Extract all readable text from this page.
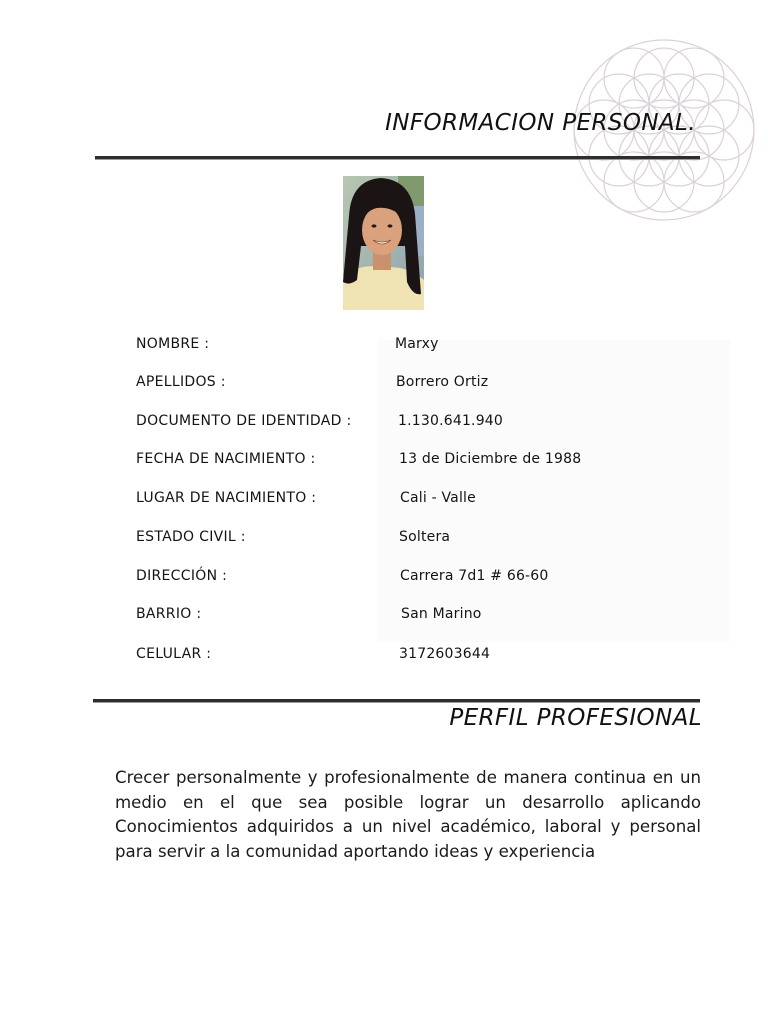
INFORMACION PERSONAL.
NOMBRE :	Marxy
APELLIDOS :	Borrero Ortiz
DOCUMENTO DE IDENTIDAD :	1.130.641.940
FECHA DE NACIMIENTO :	13 de Diciembre de 1988
LUGAR DE NACIMIENTO :	Cali - Valle
ESTADO CIVIL :	Soltera
DIRECCIÓN :	Carrera 7d1 # 66-60
BARRIO :	San Marino
CELULAR :	3172603644
PERFIL PROFESIONAL

Crecer personalmente y profesionalmente de manera continua en un medio en el que sea posible lograr un desarrollo aplicando Conocimientos adquiridos a un nivel académico, laboral y personal para servir a la comunidad aportando ideas y experiencia
